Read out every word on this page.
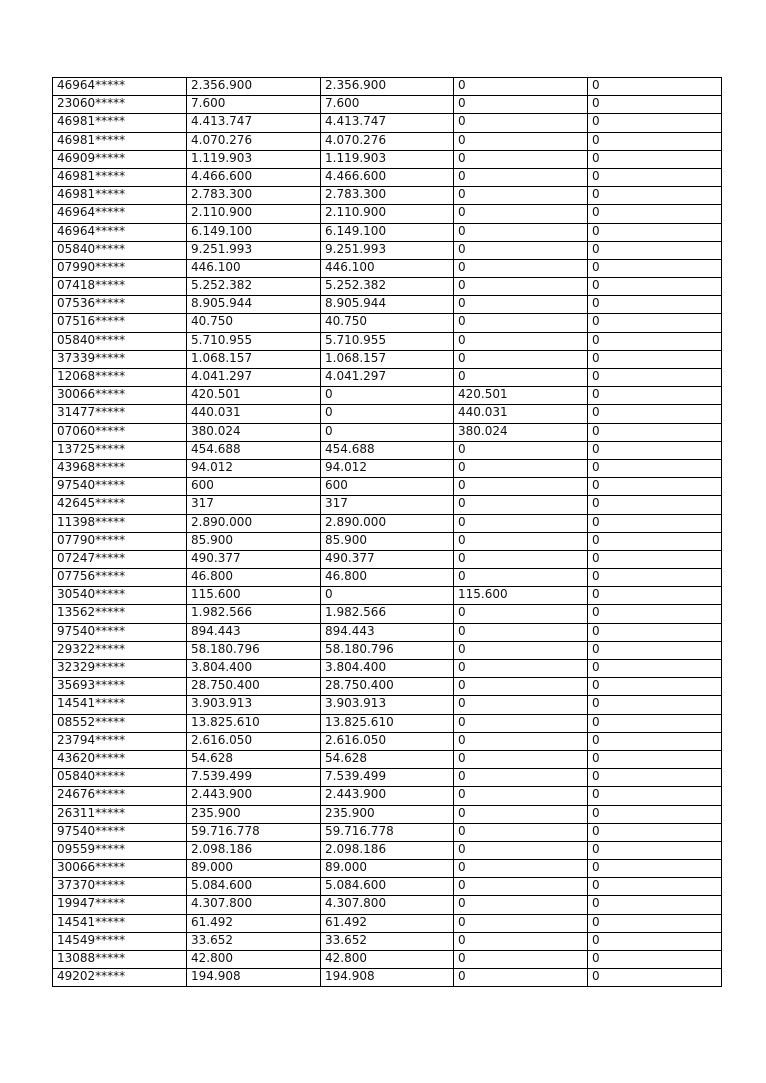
46964*****	2.356.900	2.356.900	0	0
23060*****	7.600	7.600	0	0
46981*****	4.413.747	4.413.747	0	0
46981*****	4.070.276	4.070.276	0	0
46909*****	1.119.903	1.119.903	0	0
46981*****	4.466.600	4.466.600	0	0
46981*****	2.783.300	2.783.300	0	0
46964*****	2.110.900	2.110.900	0	0
46964*****	6.149.100	6.149.100	0	0
05840*****	9.251.993	9.251.993	0	0
07990*****	446.100	446.100	0	0
07418*****	5.252.382	5.252.382	0	0
07536*****	8.905.944	8.905.944	0	0
07516*****	40.750	40.750	0	0
05840*****	5.710.955	5.710.955	0	0
37339*****	1.068.157	1.068.157	0	0
12068*****	4.041.297	4.041.297	0	0
30066*****	420.501	0	420.501	0
31477*****	440.031	0	440.031	0
07060*****	380.024	0	380.024	0
13725*****	454.688	454.688	0	0
43968*****	94.012	94.012	0	0
97540*****	600	600	0	0
42645*****	317	317	0	0
11398*****	2.890.000	2.890.000	0	0
07790*****	85.900	85.900	0	0
07247*****	490.377	490.377	0	0
07756*****	46.800	46.800	0	0
30540*****	115.600	0	115.600	0
13562*****	1.982.566	1.982.566	0	0
97540*****	894.443	894.443	0	0
29322*****	58.180.796	58.180.796	0	0
32329*****	3.804.400	3.804.400	0	0
35693*****	28.750.400	28.750.400	0	0
14541*****	3.903.913	3.903.913	0	0
08552*****	13.825.610	13.825.610	0	0
23794*****	2.616.050	2.616.050	0	0
43620*****	54.628	54.628	0	0
05840*****	7.539.499	7.539.499	0	0
24676*****	2.443.900	2.443.900	0	0
26311*****	235.900	235.900	0	0
97540*****	59.716.778	59.716.778	0	0
09559*****	2.098.186	2.098.186	0	0
30066*****	89.000	89.000	0	0
37370*****	5.084.600	5.084.600	0	0
19947*****	4.307.800	4.307.800	0	0
14541*****	61.492	61.492	0	0
14549*****	33.652	33.652	0	0
13088*****	42.800	42.800	0	0
49202*****	194.908	194.908	0	0
